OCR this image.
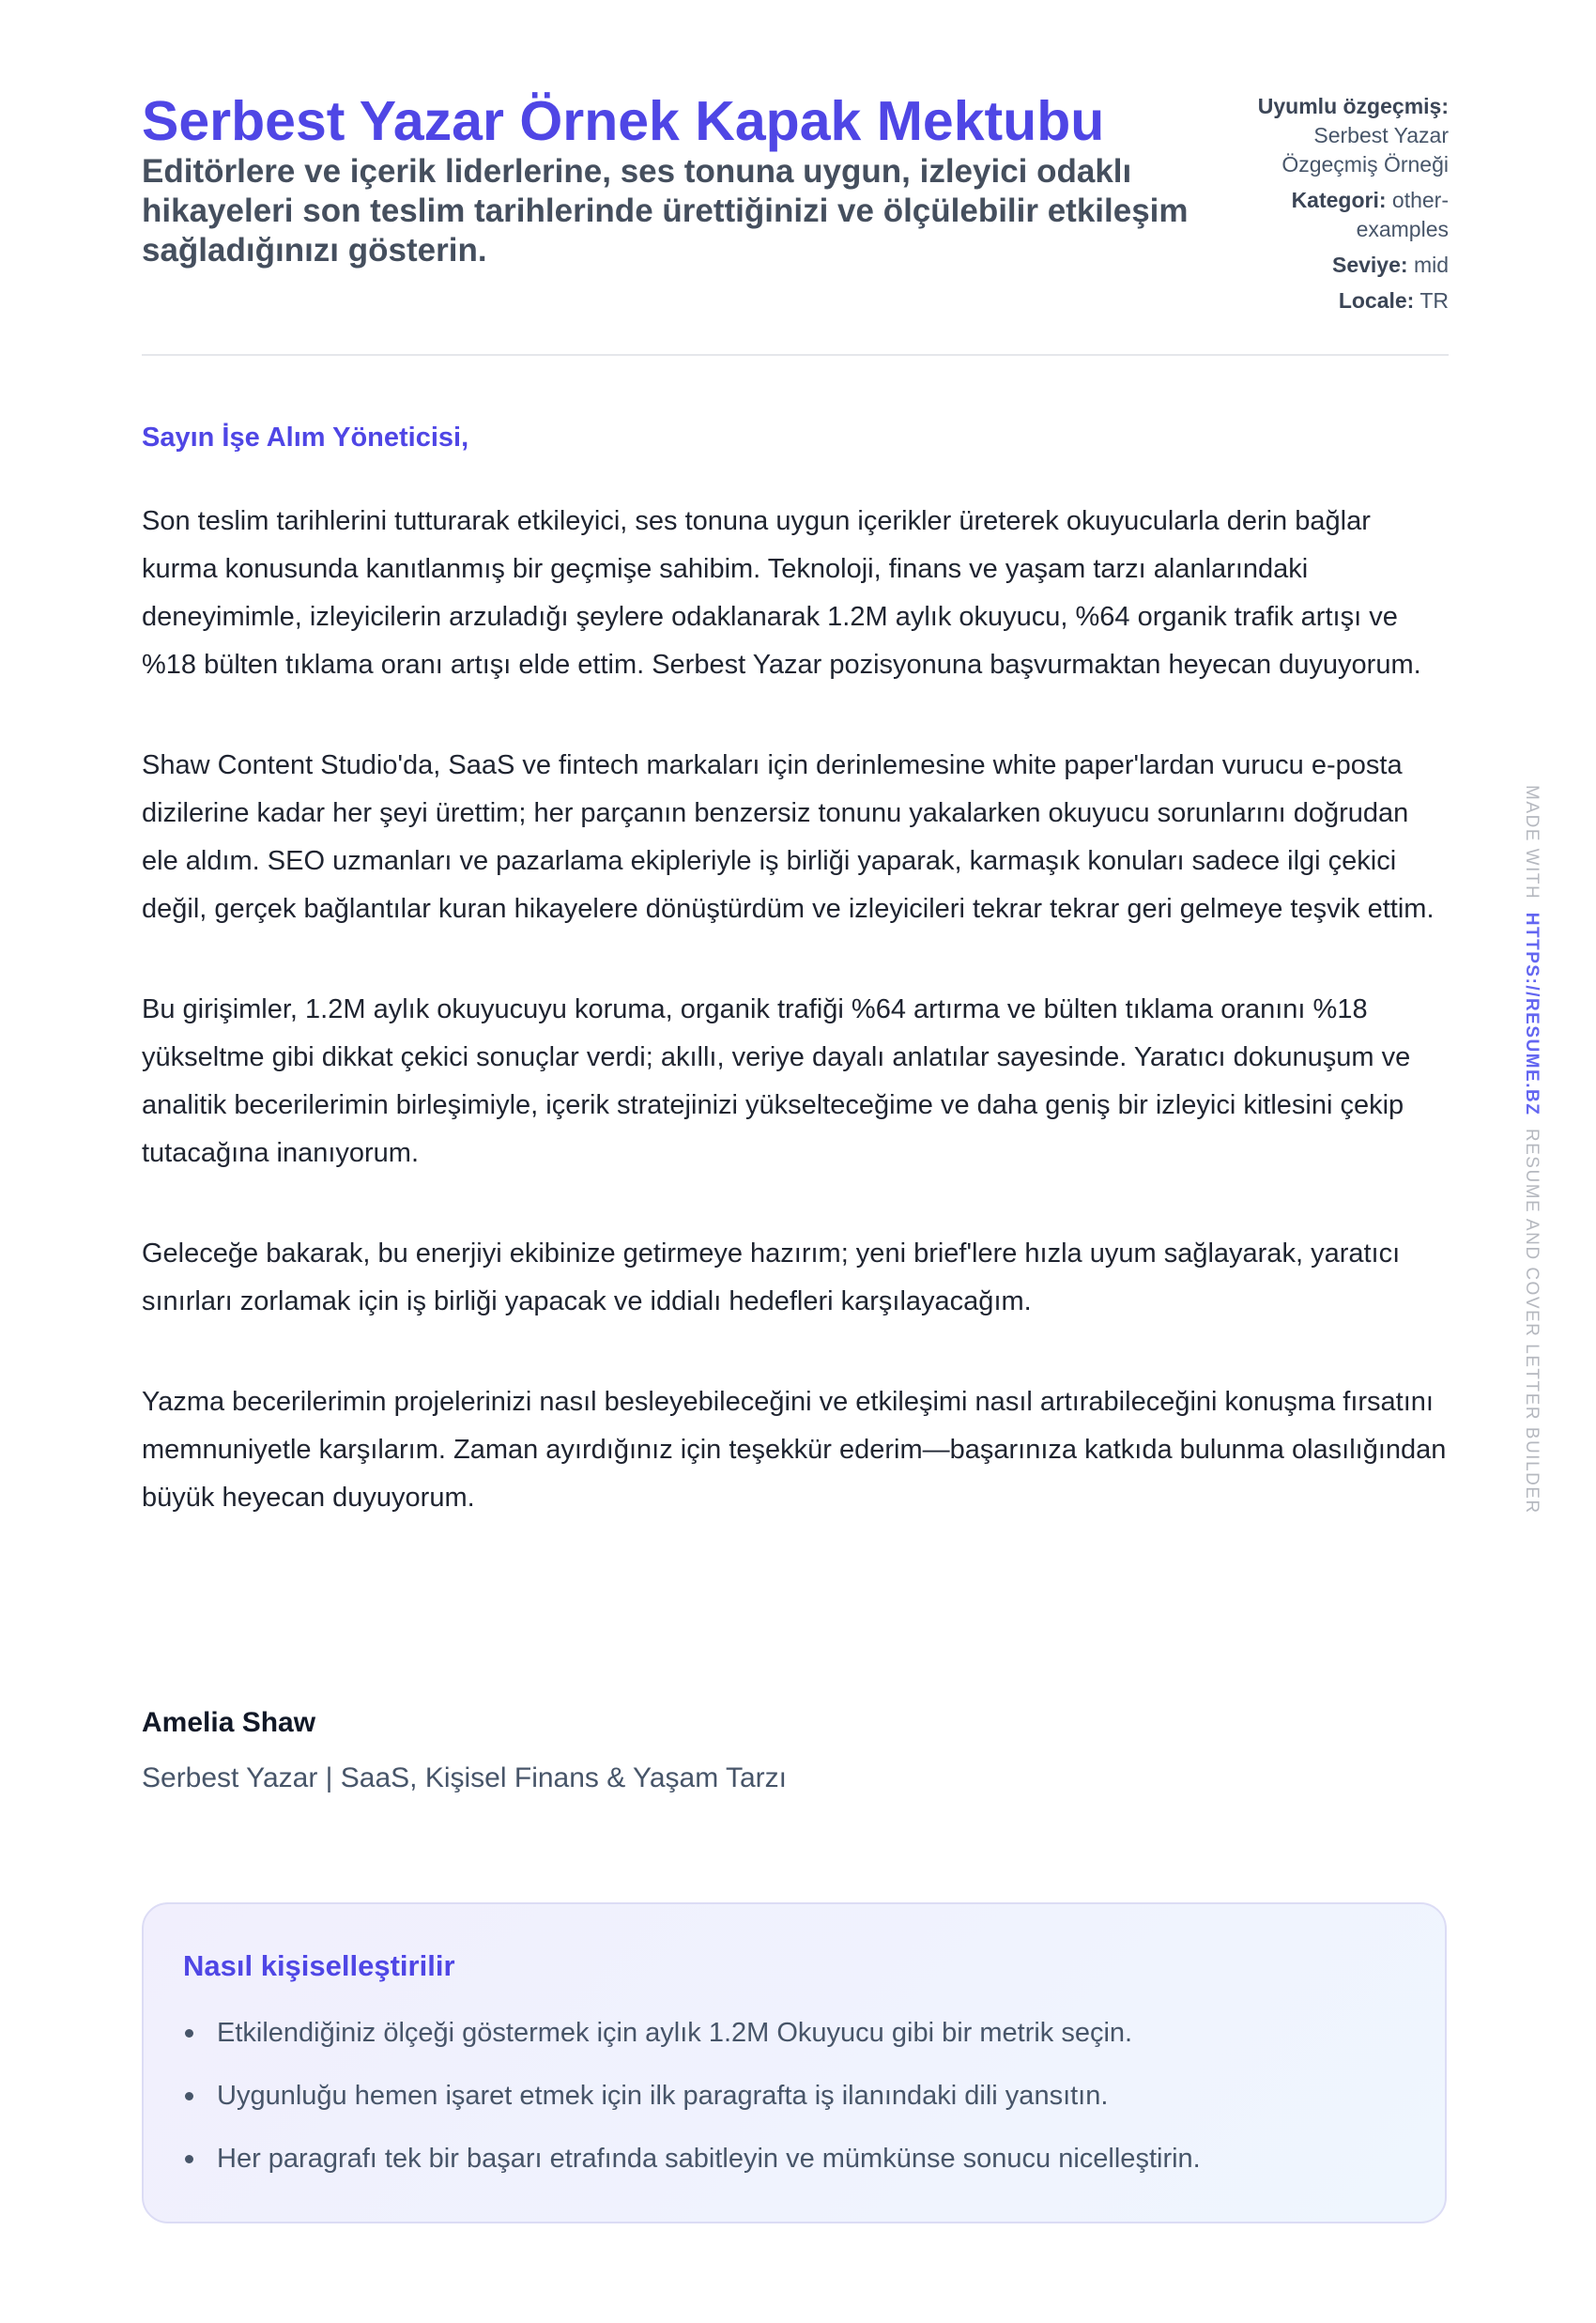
Serbest Yazar Örnek Kapak Mektubu
Editörlere ve içerik liderlerine, ses tonuna uygun, izleyici odaklı hikayeleri son teslim tarihlerinde ürettiğinizi ve ölçülebilir etkileşim sağladığınızı gösterin.
Uyumlu özgeçmiş: Serbest Yazar Özgeçmiş Örneği
Kategori: other-examples
Seviye: mid
Locale: TR
Sayın İşe Alım Yöneticisi,

Son teslim tarihlerini tutturarak etkileyici, ses tonuna uygun içerikler üreterek okuyucularla derin bağlar kurma konusunda kanıtlanmış bir geçmişe sahibim. Teknoloji, finans ve yaşam tarzı alanlarındaki deneyimimle, izleyicilerin arzuladığı şeylere odaklanarak 1.2M aylık okuyucu, %64 organik trafik artışı ve %18 bülten tıklama oranı artışı elde ettim. Serbest Yazar pozisyonuna başvurmaktan heyecan duyuyorum.

Shaw Content Studio'da, SaaS ve fintech markaları için derinlemesine white paper'lardan vurucu e-posta dizilerine kadar her şeyi ürettim; her parçanın benzersiz tonunu yakalarken okuyucu sorunlarını doğrudan ele aldım. SEO uzmanları ve pazarlama ekipleriyle iş birliği yaparak, karmaşık konuları sadece ilgi çekici değil, gerçek bağlantılar kuran hikayelere dönüştürdüm ve izleyicileri tekrar tekrar geri gelmeye teşvik ettim.

Bu girişimler, 1.2M aylık okuyucuyu koruma, organik trafiği %64 artırma ve bülten tıklama oranını %18 yükseltme gibi dikkat çekici sonuçlar verdi; akıllı, veriye dayalı anlatılar sayesinde. Yaratıcı dokunuşum ve analitik becerilerimin birleşimiyle, içerik stratejinizi yükselteceğime ve daha geniş bir izleyici kitlesini çekip tutacağına inanıyorum.

Geleceğe bakarak, bu enerjiyi ekibinize getirmeye hazırım; yeni brief'lere hızla uyum sağlayarak, yaratıcı sınırları zorlamak için iş birliği yapacak ve iddialı hedefleri karşılayacağım.

Yazma becerilerimin projelerinizi nasıl besleyebileceğini ve etkileşimi nasıl artırabileceğini konuşma fırsatını memnuniyetle karşılarım. Zaman ayırdığınız için teşekkür ederim—başarınıza katkıda bulunma olasılığından büyük heyecan duyuyorum.

Amelia Shaw
Serbest Yazar | SaaS, Kişisel Finans & Yaşam Tarzı
Nasıl kişiselleştirilir
Etkilendiğiniz ölçeği göstermek için aylık 1.2M Okuyucu gibi bir metrik seçin.
Uygunluğu hemen işaret etmek için ilk paragrafta iş ilanındaki dili yansıtın.
Her paragrafı tek bir başarı etrafında sabitleyin ve mümkünse sonucu nicelleştirin.
MADE WITH  HTTPS://RESUME.BZ  RESUME AND COVER LETTER BUILDER
